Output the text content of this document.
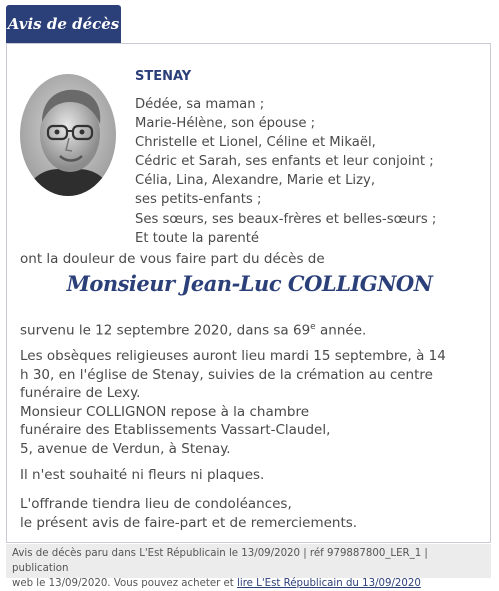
Avis de décès
STENAY
Dédée, sa maman ;
Marie-Hélène, son épouse ;
Christelle et Lionel, Céline et Mikaël,
Cédric et Sarah, ses enfants et leur conjoint ;
Célia, Lina, Alexandre, Marie et Lizy,
ses petits-enfants ;
Ses sœurs, ses beaux-frères et belles-sœurs ;
Et toute la parenté
ont la douleur de vous faire part du décès de
Monsieur Jean-Luc COLLIGNON
survenu le 12 septembre 2020, dans sa 69e année.
Les obsèques religieuses auront lieu mardi 15 septembre, à 14
h 30, en l'église de Stenay, suivies de la crémation au centre
funéraire de Lexy.
Monsieur COLLIGNON repose à la chambre
funéraire des Etablissements Vassart-Claudel,
5, avenue de Verdun, à Stenay.
Il n'est souhaité ni fleurs ni plaques.
L'offrande tiendra lieu de condoléances,
le présent avis de faire-part et de remerciements.
Avis de décès paru dans L'Est Républicain le 13/09/2020 | réf 979887800_LER_1 | publication
web le 13/09/2020. Vous pouvez acheter et lire L'Est Républicain du 13/09/2020
